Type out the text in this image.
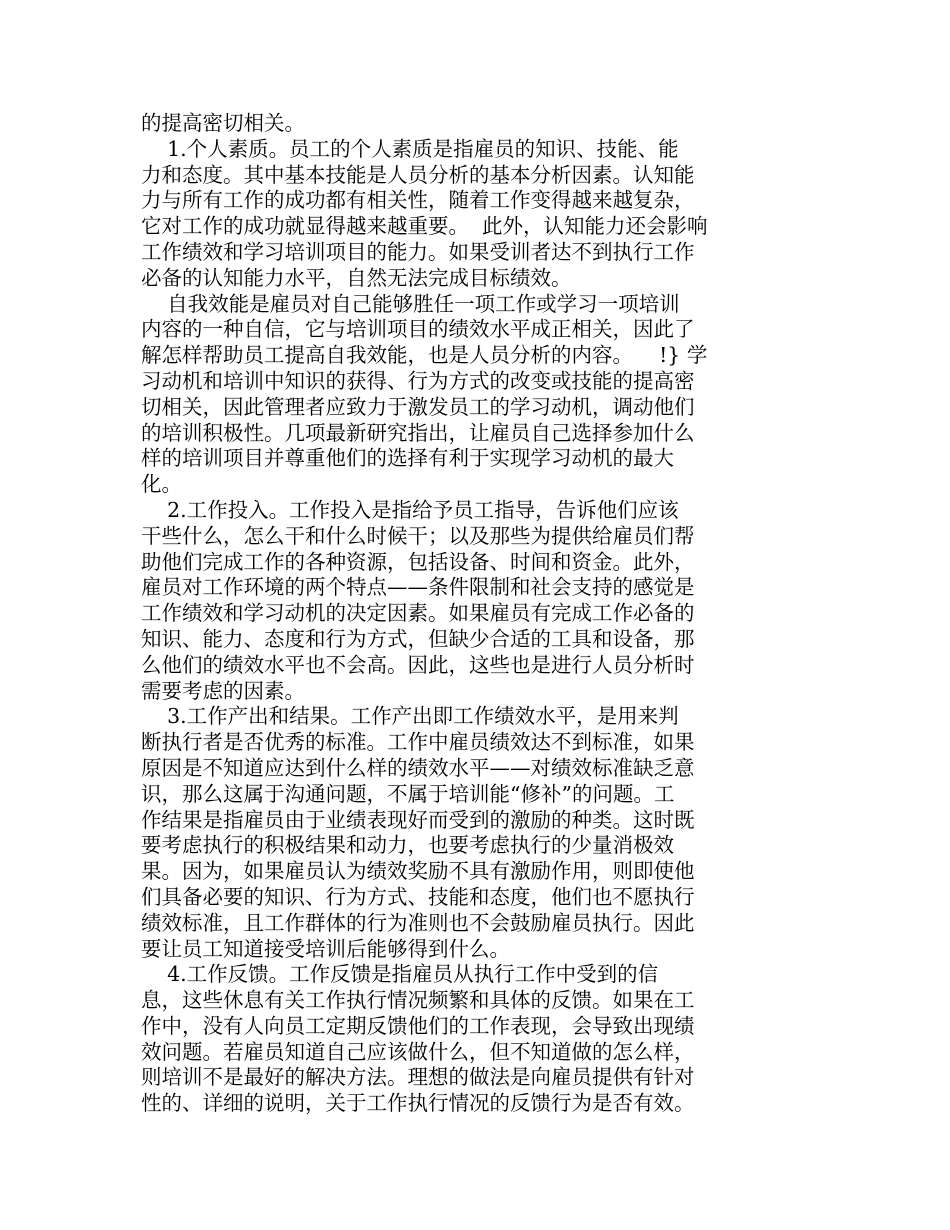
的提高密切相关。
1.个人素质。员工的个人素质是指雇员的知识、技能、能
力和态度。其中基本技能是人员分析的基本分析因素。认知能
力与所有工作的成功都有相关性，随着工作变得越来越复杂，
它对工作的成功就显得越来越重要。  此外，认知能力还会影响
工作绩效和学习培训项目的能力。如果受训者达不到执行工作
必备的认知能力水平，自然无法完成目标绩效。
自我效能是雇员对自己能够胜任一项工作或学习一项培训
内容的一种自信，它与培训项目的绩效水平成正相关，因此了
解怎样帮助员工提高自我效能，也是人员分析的内容。    !} 学
习动机和培训中知识的获得、行为方式的改变或技能的提高密
切相关，因此管理者应致力于激发员工的学习动机，调动他们
的培训积极性。几项最新研究指出，让雇员自己选择参加什么
样的培训项目并尊重他们的选择有利于实现学习动机的最大
化。
2.工作投入。工作投入是指给予员工指导，告诉他们应该
干些什么，怎么干和什么时候干；以及那些为提供给雇员们帮
助他们完成工作的各种资源，包括设备、时间和资金。此外，
雇员对工作环境的两个特点——条件限制和社会支持的感觉是
工作绩效和学习动机的决定因素。如果雇员有完成工作必备的
知识、能力、态度和行为方式，但缺少合适的工具和设备，那
么他们的绩效水平也不会高。因此，这些也是进行人员分析时
需要考虑的因素。
3.工作产出和结果。工作产出即工作绩效水平，是用来判
断执行者是否优秀的标准。工作中雇员绩效达不到标准，如果
原因是不知道应达到什么样的绩效水平——对绩效标准缺乏意
识，那么这属于沟通问题，不属于培训能“修补”的问题。工
作结果是指雇员由于业绩表现好而受到的激励的种类。这时既
要考虑执行的积极结果和动力，也要考虑执行的少量消极效
果。因为，如果雇员认为绩效奖励不具有激励作用，则即使他
们具备必要的知识、行为方式、技能和态度，他们也不愿执行
绩效标准，且工作群体的行为准则也不会鼓励雇员执行。因此
要让员工知道接受培训后能够得到什么。
4.工作反馈。工作反馈是指雇员从执行工作中受到的信
息，这些休息有关工作执行情况频繁和具体的反馈。如果在工
作中，没有人向员工定期反馈他们的工作表现，会导致出现绩
效问题。若雇员知道自己应该做什么，但不知道做的怎么样，
则培训不是最好的解决方法。理想的做法是向雇员提供有针对
性的、详细的说明，关于工作执行情况的反馈行为是否有效。
